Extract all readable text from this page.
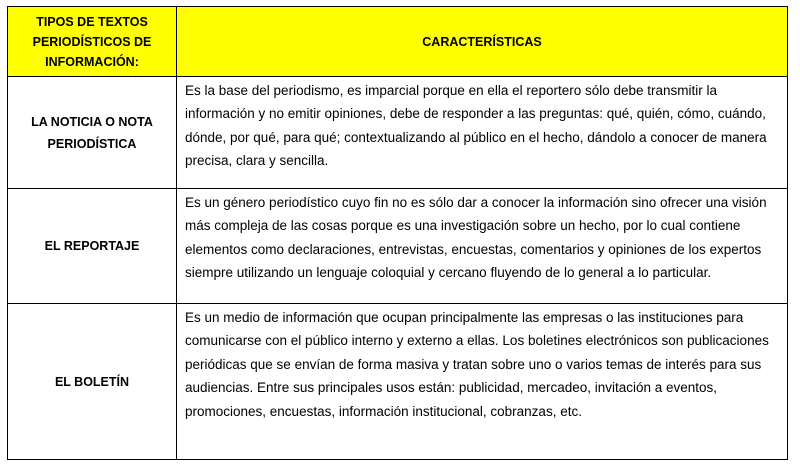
TIPOS DE TEXTOS PERIODÍSTICOS DE INFORMACIÓN:	CARACTERÍSTICAS
LA NOTICIA O NOTA PERIODÍSTICA	Es la base del periodismo, es imparcial porque en ella el reportero sólo debe transmitir la información y no emitir opiniones, debe de responder a las preguntas: qué, quién, cómo, cuándo, dónde, por qué, para qué; contextualizando al público en el hecho, dándolo a conocer de manera precisa, clara y sencilla.
EL REPORTAJE	Es un género periodístico cuyo fin no es sólo dar a conocer la información sino ofrecer una visión más compleja de las cosas porque es una investigación sobre un hecho, por lo cual contiene elementos como declaraciones, entrevistas, encuestas, comentarios y opiniones de los expertos siempre utilizando un lenguaje coloquial y cercano fluyendo de lo general a lo particular.
EL BOLETÍN	Es un medio de información que ocupan principalmente las empresas o las instituciones para comunicarse con el público interno y externo a ellas. Los boletines electrónicos son publicaciones periódicas que se envían de forma masiva y tratan sobre uno o varios temas de interés para sus audiencias. Entre sus principales usos están: publicidad, mercadeo, invitación a eventos, promociones, encuestas, información institucional, cobranzas, etc.
